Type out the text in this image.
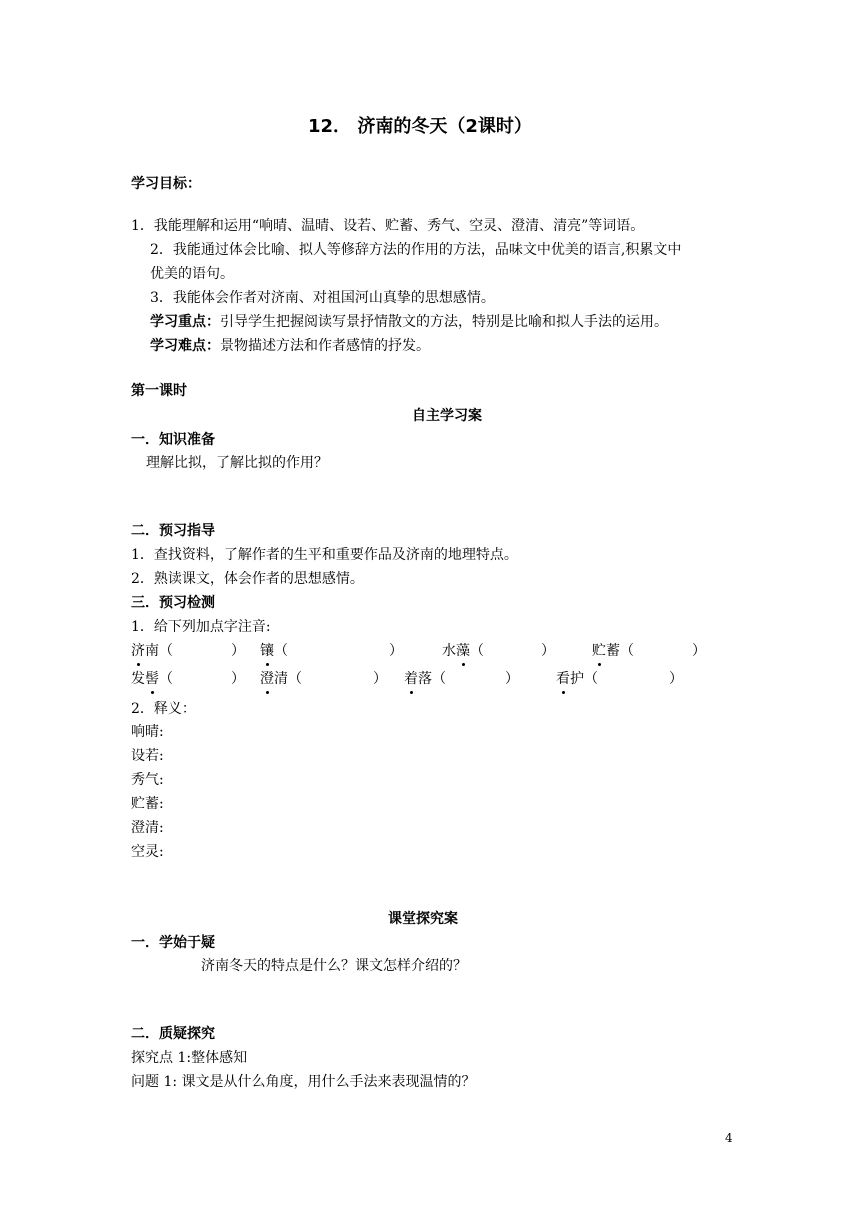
12． 济南的冬天（2课时）
学习目标：
1．我能理解和运用“响晴、温晴、设若、贮蓄、秀气、空灵、澄清、清亮”等词语。
2．我能通过体会比喻、拟人等修辞方法的作用的方法，品味文中优美的语言,积累文中
优美的语句。
3．我能体会作者对济南、对祖国河山真挚的思想感情。
学习重点：引导学生把握阅读写景抒情散文的方法，特别是比喻和拟人手法的运用。
学习难点：景物描述方法和作者感情的抒发。
第一课时
自主学习案
一．知识准备
理解比拟，了解比拟的作用？
二．预习指导
1．查找资料，了解作者的生平和重要作品及济南的地理特点。
2．熟读课文，体会作者的思想感情。
三．预习检测
1．给下列加点字注音:
济南（	） 镶（	）	水藻（	）	贮蓄（	）
发髻（	） 澄清（	） 着落（	）	看护（	）
2．释义：
响晴:
设若:
秀气:
贮蓄:
澄清:
空灵:
课堂探究案
一．学始于疑
济南冬天的特点是什么？课文怎样介绍的？
二．质疑探究
探究点 1:整体感知
问题 1: 课文是从什么角度，用什么手法来表现温情的？
4
